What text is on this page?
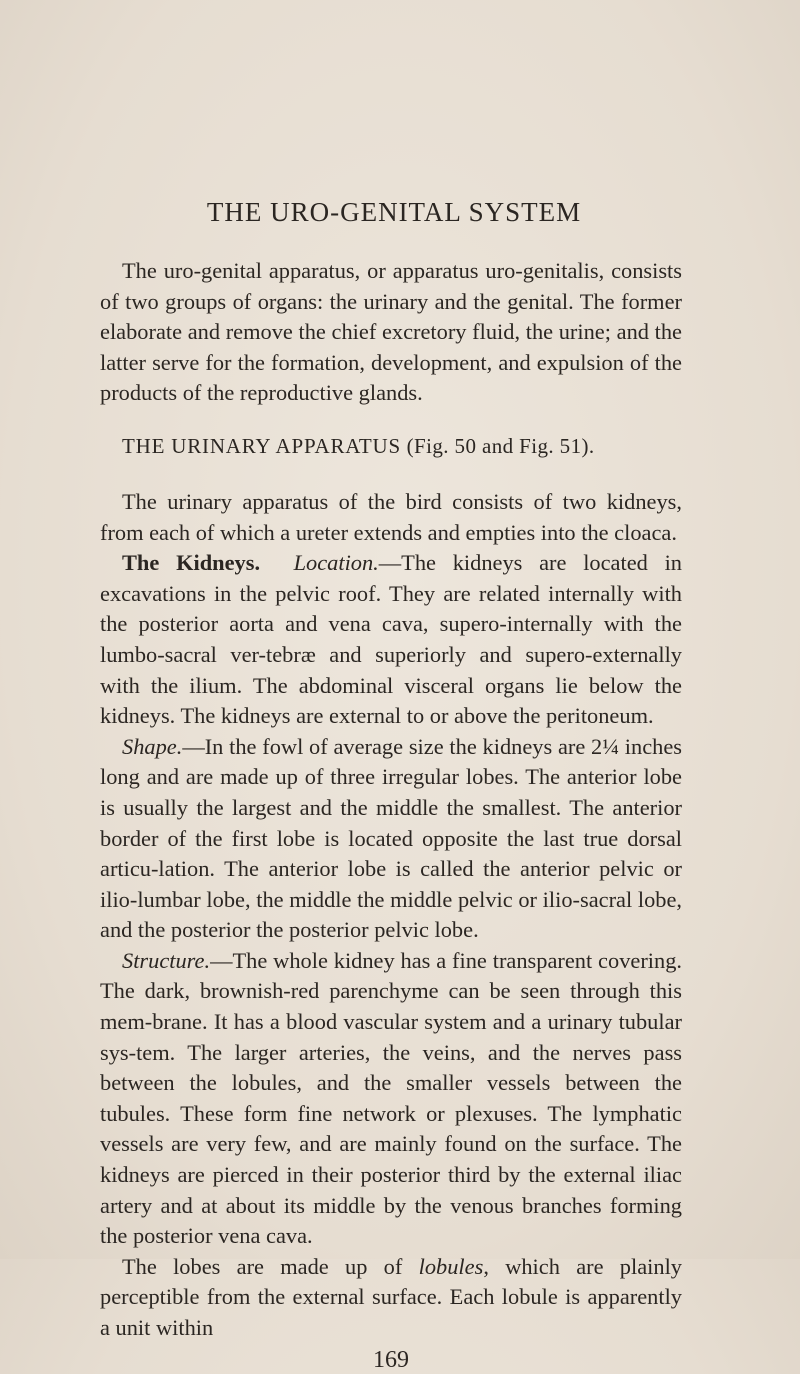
THE URO-GENITAL SYSTEM

The uro-genital apparatus, or apparatus uro-genitalis, consists of two groups of organs: the urinary and the genital. The former elaborate and remove the chief excretory fluid, the urine; and the latter serve for the formation, development, and expulsion of the products of the reproductive glands.

THE URINARY APPARATUS (Fig. 50 and Fig. 51).

The urinary apparatus of the bird consists of two kidneys, from each of which a ureter extends and empties into the cloaca.

The Kidneys. Location.—The kidneys are located in excavations in the pelvic roof. They are related internally with the posterior aorta and vena cava, supero-internally with the lumbo-sacral ver-tebræ and superiorly and supero-externally with the ilium. The abdominal visceral organs lie below the kidneys. The kidneys are external to or above the peritoneum.

Shape.—In the fowl of average size the kidneys are 2¼ inches long and are made up of three irregular lobes. The anterior lobe is usually the largest and the middle the smallest. The anterior border of the first lobe is located opposite the last true dorsal articu-lation. The anterior lobe is called the anterior pelvic or ilio-lumbar lobe, the middle the middle pelvic or ilio-sacral lobe, and the posterior the posterior pelvic lobe.

Structure.—The whole kidney has a fine transparent covering. The dark, brownish-red parenchyme can be seen through this mem-brane. It has a blood vascular system and a urinary tubular sys-tem. The larger arteries, the veins, and the nerves pass between the lobules, and the smaller vessels between the tubules. These form fine network or plexuses. The lymphatic vessels are very few, and are mainly found on the surface. The kidneys are pierced in their posterior third by the external iliac artery and at about its middle by the venous branches forming the posterior vena cava.

The lobes are made up of lobules, which are plainly perceptible from the external surface. Each lobule is apparently a unit within

169
